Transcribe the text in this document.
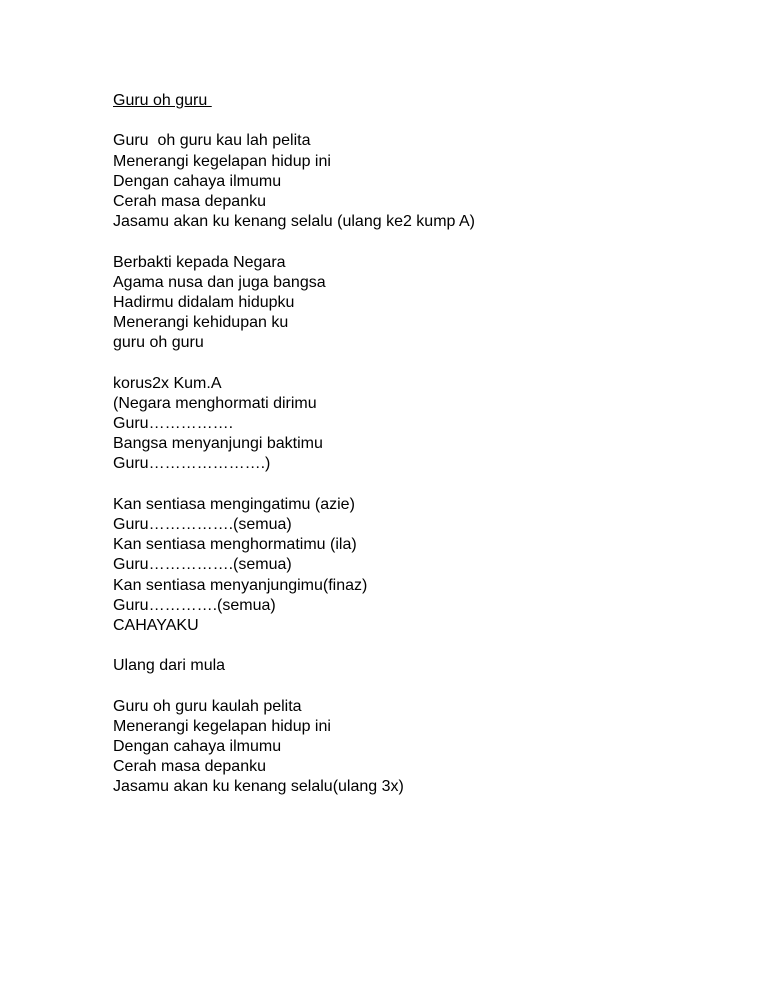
Guru oh guru
Guru  oh guru kau lah pelita
Menerangi kegelapan hidup ini
Dengan cahaya ilmumu
Cerah masa depanku
Jasamu akan ku kenang selalu (ulang ke2 kump A)
Berbakti kepada Negara
Agama nusa dan juga bangsa
Hadirmu didalam hidupku
Menerangi kehidupan ku
guru oh guru
korus2x Kum.A
(Negara menghormati dirimu
Guru…………….
Bangsa menyanjungi baktimu
Guru………………….)
Kan sentiasa mengingatimu (azie)
Guru…………….(semua)
Kan sentiasa menghormatimu (ila)
Guru…………….(semua)
Kan sentiasa menyanjungimu(finaz)
Guru………….(semua)
CAHAYAKU
Ulang dari mula
Guru oh guru kaulah pelita
Menerangi kegelapan hidup ini
Dengan cahaya ilmumu
Cerah masa depanku
Jasamu akan ku kenang selalu(ulang 3x)
